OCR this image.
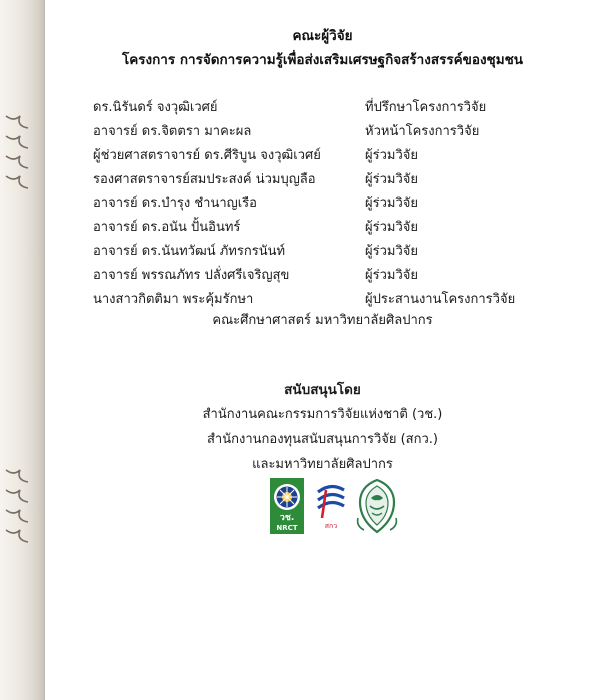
คณะผู้วิจัย
โครงการ การจัดการความรู้เพื่อส่งเสริมเศรษฐกิจสร้างสรรค์ของชุมชน
ดร.นิรันดร์ จงวุฒิเวศย์	ที่ปรึกษาโครงการวิจัย
อาจารย์ ดร.จิตตรา มาคะผล	หัวหน้าโครงการวิจัย
ผู้ช่วยศาสตราจารย์ ดร.ศีริบูน จงวุฒิเวศย์	ผู้ร่วมวิจัย
รองศาสตราจารย์สมประสงค์ น่วมบุญลือ	ผู้ร่วมวิจัย
อาจารย์ ดร.บำรุง ชำนาญเรือ	ผู้ร่วมวิจัย
อาจารย์ ดร.อนัน ปั้นอินทร์	ผู้ร่วมวิจัย
อาจารย์ ดร.นันทวัฒน์ ภัทรกรนันท์	ผู้ร่วมวิจัย
อาจารย์ พรรณภัทร ปลั่งศรีเจริญสุข	ผู้ร่วมวิจัย
นางสาวกิตติมา พระคุ้มรักษา	ผู้ประสานงานโครงการวิจัย
คณะศึกษาศาสตร์ มหาวิทยาลัยศิลปากร
สนับสนุนโดย
สำนักงานคณะกรรมการวิจัยแห่งชาติ (วช.)
สำนักงานกองทุนสนับสนุนการวิจัย (สกว.)
และมหาวิทยาลัยศิลปากร
วช.
NRCT	สกว
